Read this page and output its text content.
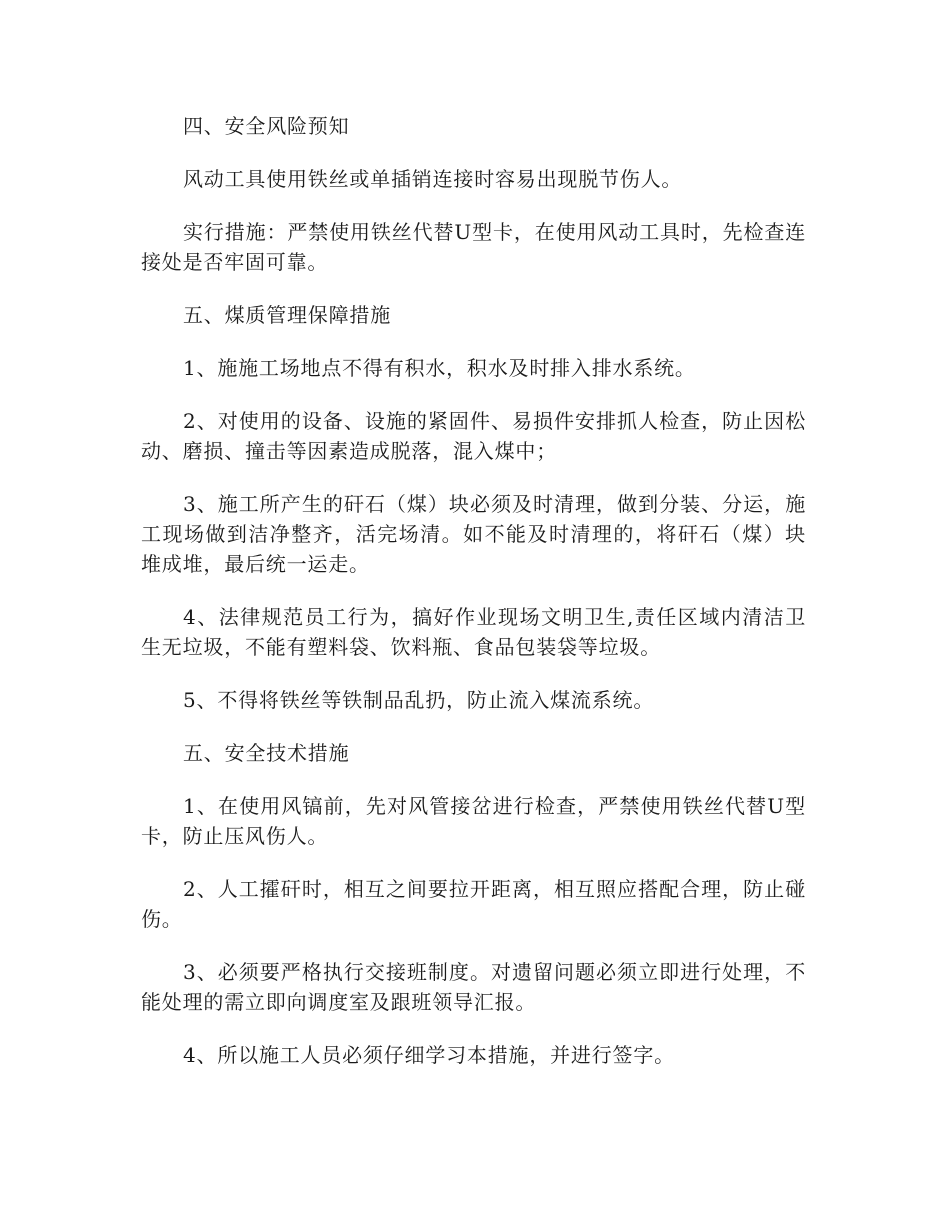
四、安全风险预知

风动工具使用铁丝或单插销连接时容易出现脱节伤人。

实行措施：严禁使用铁丝代替U型卡，在使用风动工具时，先检查连接处是否牢固可靠。

五、煤质管理保障措施

1、施施工场地点不得有积水，积水及时排入排水系统。

2、对使用的设备、设施的紧固件、易损件安排抓人检查，防止因松动、磨损、撞击等因素造成脱落，混入煤中；

3、施工所产生的矸石（煤）块必须及时清理，做到分装、分运，施工现场做到洁净整齐，活完场清。如不能及时清理的，将矸石（煤）块堆成堆，最后统一运走。

4、法律规范员工行为，搞好作业现场文明卫生,责任区域内清洁卫生无垃圾，不能有塑料袋、饮料瓶、食品包装袋等垃圾。

5、不得将铁丝等铁制品乱扔，防止流入煤流系统。

五、安全技术措施

1、在使用风镐前，先对风管接岔进行检查，严禁使用铁丝代替U型卡，防止压风伤人。

2、人工攉矸时，相互之间要拉开距离，相互照应搭配合理，防止碰伤。

3、必须要严格执行交接班制度。对遗留问题必须立即进行处理，不能处理的需立即向调度室及跟班领导汇报。

4、所以施工人员必须仔细学习本措施，并进行签字。
